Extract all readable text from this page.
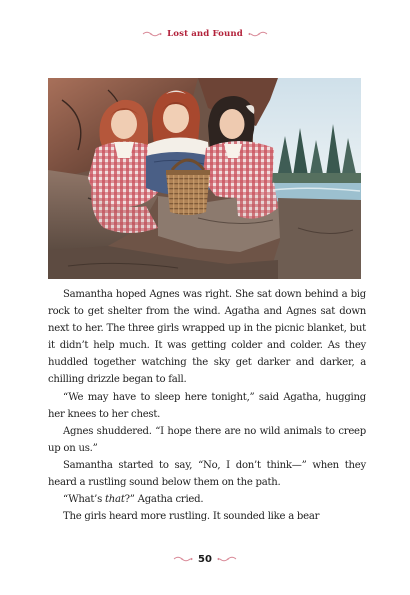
Lost and Found

Samantha hoped Agnes was right. She sat down behind a big rock to get shelter from the wind. Agatha and Agnes sat down next to her. The three girls wrapped up in the picnic blanket, but it didn’t help much. It was getting colder and colder. As they huddled together watching the sky get darker and darker, a chilling drizzle began to fall.

“We may have to sleep here tonight,” said Agatha, hugging her knees to her chest.

Agnes shuddered. “I hope there are no wild animals to creep up on us.”

Samantha started to say, “No, I don’t think—” when they heard a rustling sound below them on the path.

“What’s that?” Agatha cried.

The girls heard more rustling. It sounded like a bear

50
